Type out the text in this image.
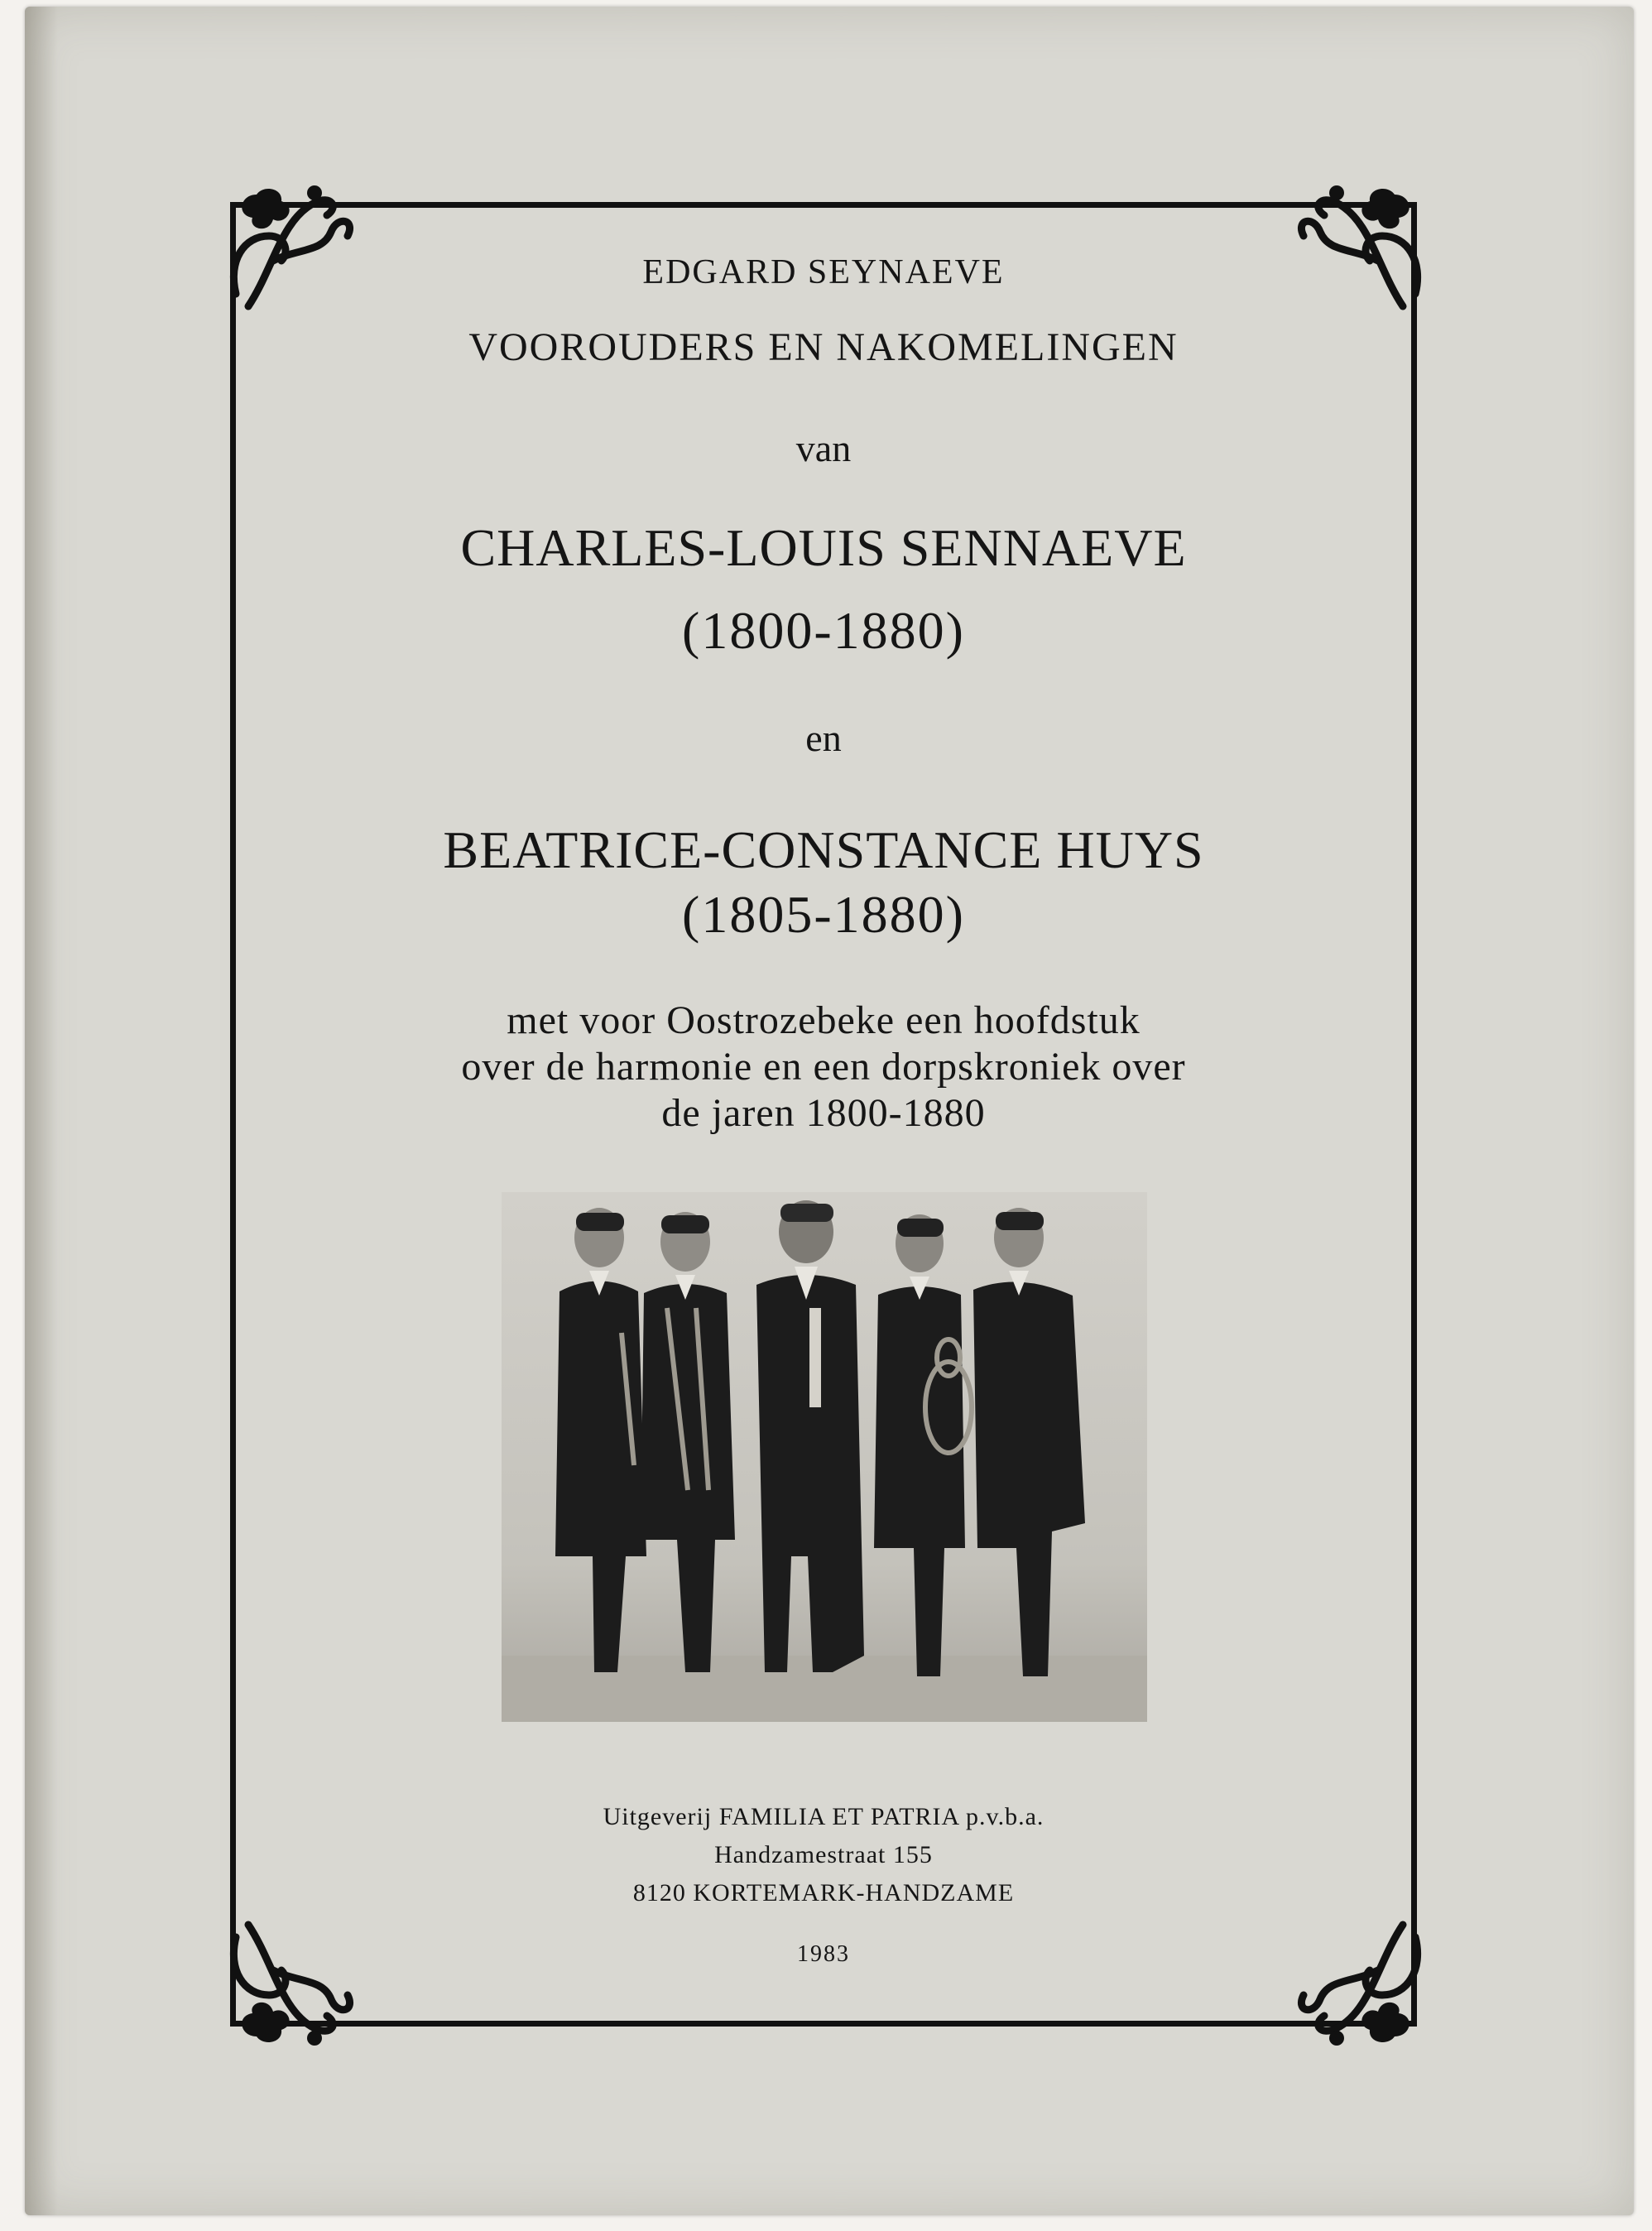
EDGARD SEYNAEVE
VOOROUDERS EN NAKOMELINGEN
van
CHARLES-LOUIS SENNAEVE
(1800-1880)
en
BEATRICE-CONSTANCE HUYS
(1805-1880)
met voor Oostrozebeke een hoofdstuk
over de harmonie en een dorpskroniek over
de jaren 1800-1880
Uitgeverij FAMILIA ET PATRIA p.v.b.a.
Handzamestraat 155
8120 KORTEMARK-HANDZAME
1983
